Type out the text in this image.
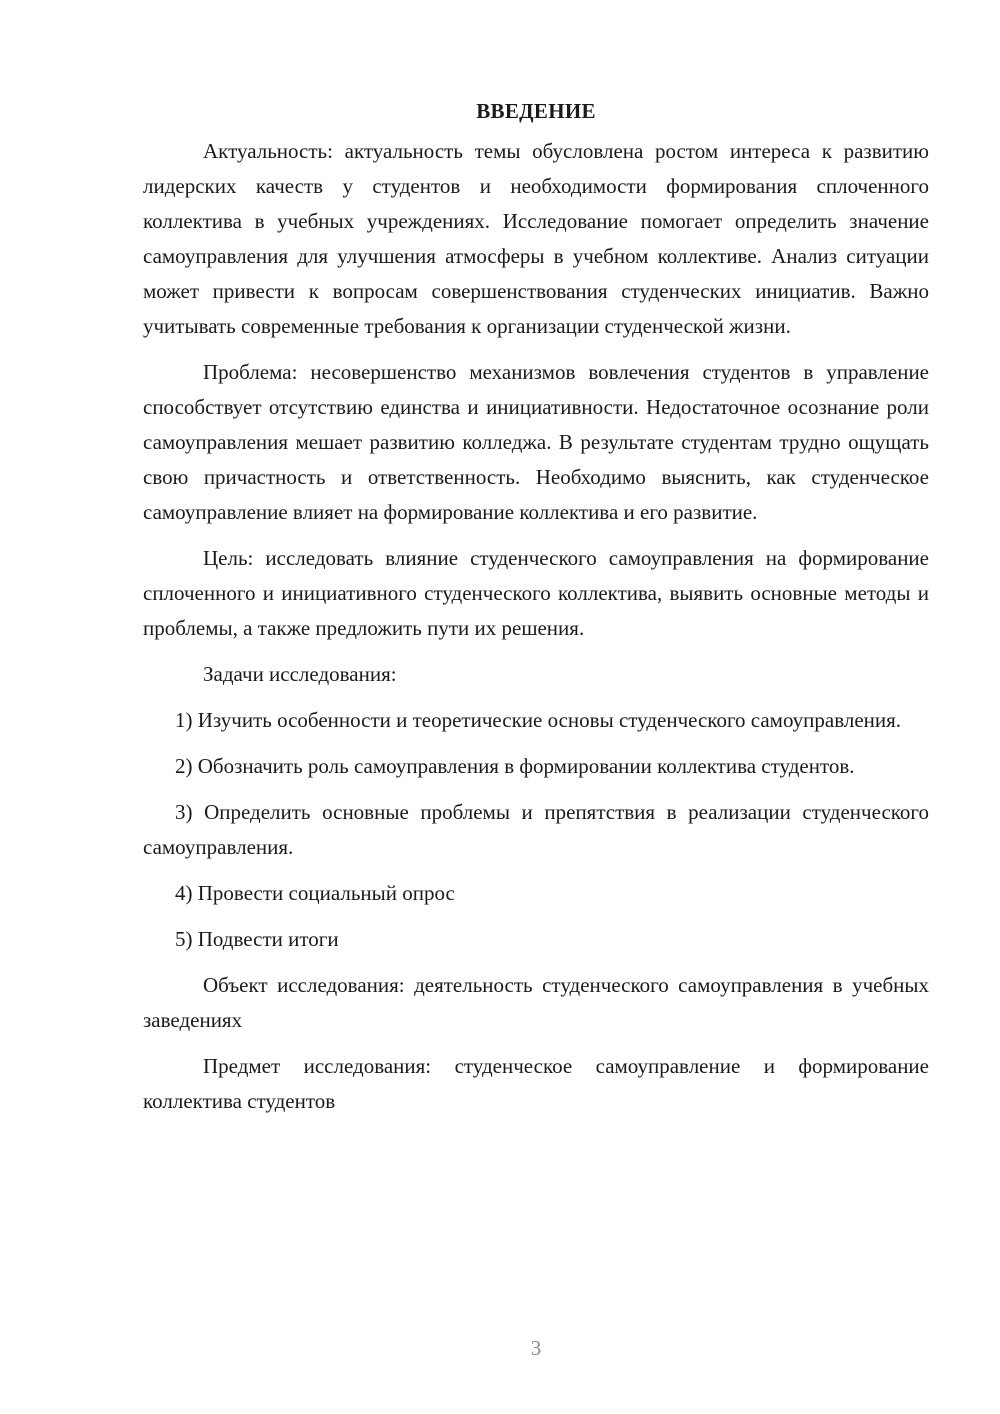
ВВЕДЕНИЕ

Актуальность: актуальность темы обусловлена ростом интереса к развитию лидерских качеств у студентов и необходимости формирования сплоченного коллектива в учебных учреждениях. Исследование помогает определить значение самоуправления для улучшения атмосферы в учебном коллективе. Анализ ситуации может привести к вопросам совершенствования студенческих инициатив. Важно учитывать современные требования к организации студенческой жизни.

Проблема: несовершенство механизмов вовлечения студентов в управление способствует отсутствию единства и инициативности. Недостаточное осознание роли самоуправления мешает развитию колледжа. В результате студентам трудно ощущать свою причастность и ответственность. Необходимо выяснить, как студенческое самоуправление влияет на формирование коллектива и его развитие.

Цель: исследовать влияние студенческого самоуправления на формирование сплоченного и инициативного студенческого коллектива, выявить основные методы и проблемы, а также предложить пути их решения.

Задачи исследования:

1) Изучить особенности и теоретические основы студенческого самоуправления.

2) Обозначить роль самоуправления в формировании коллектива студентов.

3) Определить основные проблемы и препятствия в реализации студенческого самоуправления.

4) Провести социальный опрос

5) Подвести итоги

Объект исследования: деятельность студенческого самоуправления в учебных заведениях

Предмет исследования: студенческое самоуправление и формирование коллектива студентов

3
